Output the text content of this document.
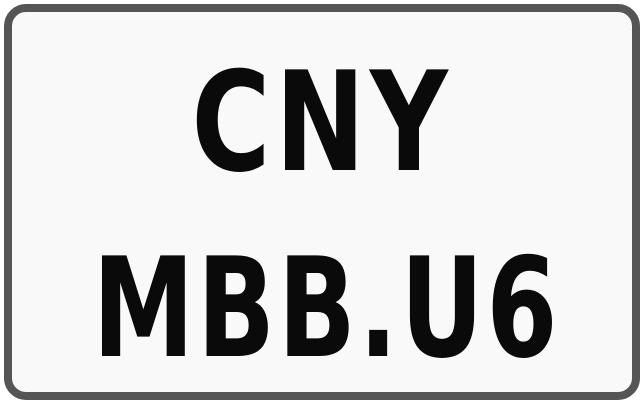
CNY
MBB.U6
